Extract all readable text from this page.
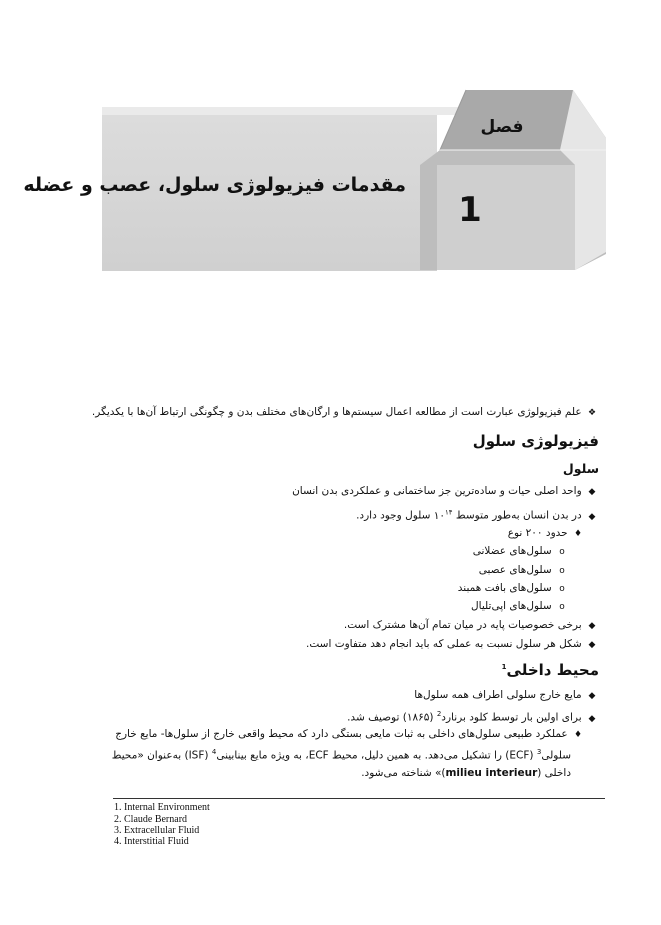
فصل
1
مقدمات فیزیولوژی سلول، عصب و عضله
❖ علم فیزیولوژی عبارت است از مطالعه اعمال سیستم‌ها و ارگان‌های مختلف بدن و چگونگی ارتباط آن‌ها با یکدیگر.
فیزیولوژی سلول
سلول
◆ واحد اصلی حیات و ساده‌ترین جز ساختمانی و عملکردی بدن انسان
◆ در بدن انسان به‌طور متوسط $۱۰^{۱۴}$ سلول وجود دارد.
♦ حدود ۲۰۰ نوع
o سلول‌های عضلانی
o سلول‌های عصبی
o سلول‌های بافت همبند
o سلول‌های اپی‌تلیال
◆ برخی خصوصیات پایه در میان تمام آن‌ها مشترک است.
◆ شکل هر سلول نسبت به عملی که باید انجام دهد متفاوت است.
محیط داخلی$^1$
◆ مایع خارج سلولی اطراف همه سلول‌ها
◆ برای اولین بار توسط کلود برنارد$^2$ (۱۸۶۵) توصیف شد.
♦ عملکرد طبیعی سلول‌های داخلی به ثبات مایعی بستگی دارد که محیط واقعی خارج از سلول‌ها- مایع خارج
سلولی$^3$ (ECF) را تشکیل می‌دهد. به همین دلیل، محیط ECF، به ویژه مایع بینابینی$^4$ (ISF) به‌عنوان «محیط
داخلی (milieu interieur)» شناخته می‌شود.
1. Internal Environment
2. Claude Bernard
3. Extracellular Fluid
4. Interstitial Fluid
